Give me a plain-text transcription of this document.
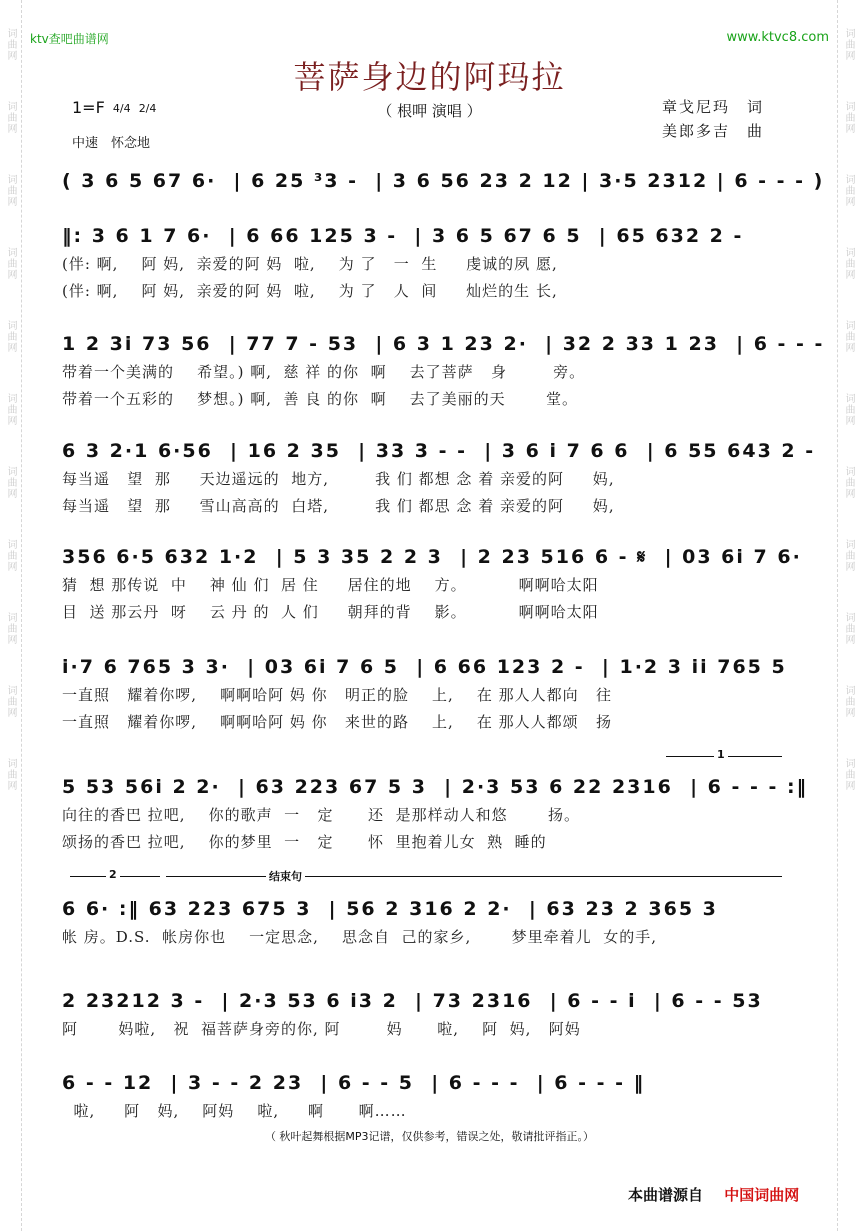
词曲网
词曲网
词曲网
词曲网
词曲网
词曲网
词曲网
词曲网
词曲网
词曲网
词曲网
词曲网
词曲网
词曲网
词曲网
词曲网
词曲网
词曲网
词曲网
词曲网
词曲网
词曲网
ktv查吧曲谱网	www.ktvc8.com
菩萨身边的阿玛拉
（ 根呷 演唱 ）
1=F 4/4 2/4
中速　怀念地
章戈尼玛　词
美郎多吉　曲
( 3 6 5 67 6·  | 6 25 ³3 -  | 3 6 56 23 2 12 | 3·5 2312 | 6 - - - )
‖: 3 6 1 7 6·  | 6 66 125 3 -  | 3 6 5 67 6 5  | 65 632 2 -
(伴: 啊,    阿 妈,  亲爱的阿 妈  啦,    为 了   一  生     虔诚的夙 愿,
(伴: 啊,    阿 妈,  亲爱的阿 妈  啦,    为 了   人  间     灿烂的生 长,
1 2 3i 73 56  | 77 7 - 53  | 6 3 1 23 2·  | 32 2 33 1 23  | 6 - - -
带着一个美满的    希望。) 啊,  慈 祥 的你  啊    去了菩萨   身        旁。
带着一个五彩的    梦想。) 啊,  善 良 的你  啊    去了美丽的天       堂。
6 3 2·1 6·56  | 16 2 35  | 33 3 - -  | 3 6 i 7 6 6  | 6 55 643 2 -
每当遥   望  那     天边遥远的  地方,        我 们 都想 念 着 亲爱的阿     妈,
每当遥   望  那     雪山高高的  白塔,        我 们 都思 念 着 亲爱的阿     妈,
356 6·5 632 1·2  | 5 3 35 2 2 3  | 2 23 516 6 - 𝄋  | 03 6i 7 6·
猜  想 那传说  中    神 仙 们  居 住     居住的地    方。         啊啊哈太阳
目  送 那云丹  呀    云 丹 的  人 们     朝拜的背    影。         啊啊哈太阳
i·7 6 765 3 3·  | 03 6i 7 6 5  | 6 66 123 2 -  | 1·2 3 ii 765 5
一直照   耀着你啰,    啊啊哈阿 妈 你   明正的脸    上,    在 那人人都向   往
一直照   耀着你啰,    啊啊哈阿 妈 你   来世的路    上,    在 那人人都颂   扬
1
5 53 56i 2 2·  | 63 223 67 5 3  | 2·3 53 6 22 2316  | 6 - - - :‖
向往的香巴 拉吧,    你的歌声  一   定      还  是那样动人和悠       扬。
颂扬的香巴 拉吧,    你的梦里  一   定      怀  里抱着儿女  熟  睡的
2	结束句
6 6· :‖ 63 223 675 3  | 56 2 316 2 2·  | 63 23 2 365 3
帐 房。D.S.  帐房你也    一定思念,    思念自  己的家乡,       梦里牵着儿  女的手,
2 23212 3 -  | 2·3 53 6 i3 2  | 73 2316  | 6 - - i  | 6 - - 53
阿       妈啦,   祝  福菩萨身旁的你, 阿        妈      啦,    阿  妈,   阿妈
6 - - 12  | 3 - - 2 23  | 6 - - 5  | 6 - - -  | 6 - - - ‖
啦,     阿   妈,    阿妈    啦,     啊      啊……
（ 秋叶起舞根据MP3记谱，仅供参考，错误之处，敬请批评指正。）
本曲谱源自 中国词曲网
